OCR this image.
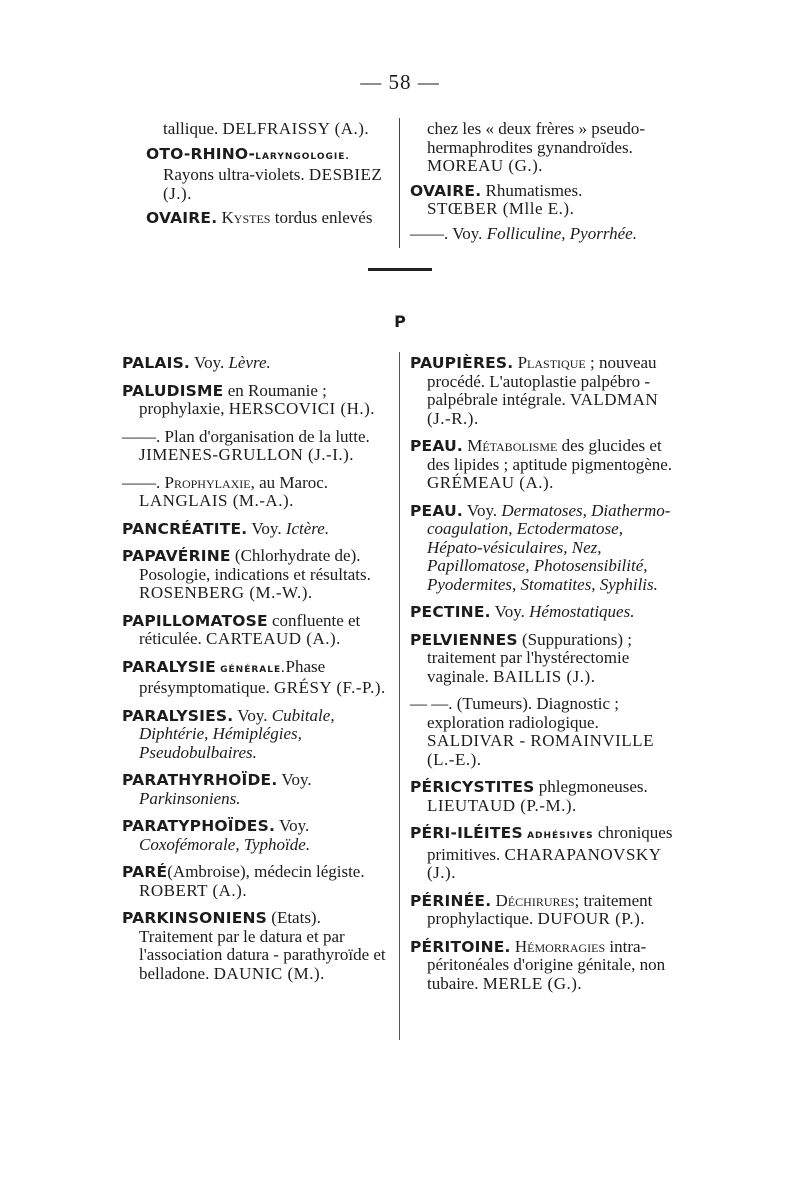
— 58 —
tallique. DELFRAISSY (A.).
OTO-RHINO-LARYNGOLOGIE. Rayons ultra-violets. DESBIEZ (J.).
OVAIRE. Kystes tordus enlevés
chez les « deux frères » pseudo-hermaphrodites gynandroïdes. MOREAU (G.).
OVAIRE. Rhumatismes. STŒBER (Mlle E.).
——. Voy. Folliculine, Pyorrhée.
P
PALAIS. Voy. Lèvre.
PALUDISME en Roumanie ; prophylaxie, HERSCOVICI (H.).
——. Plan d'organisation de la lutte. JIMENES-GRULLON (J.-I.).
——. Prophylaxie, au Maroc. LANGLAIS (M.-A.).
PANCRÉATITE. Voy. Ictère.
PAPAVÉRINE (Chlorhydrate de). Posologie, indications et résultats. ROSENBERG (M.-W.).
PAPILLOMATOSE confluente et réticulée. CARTEAUD (A.).
PARALYSIE GÉNÉRALE.Phase présymptomatique. GRÉSY (F.-P.).
PARALYSIES. Voy. Cubitale, Diphtérie, Hémiplégies, Pseudobulbaires.
PARATHYRHOÏDE. Voy. Parkinsoniens.
PARATYPHOÏDES. Voy. Coxofémorale, Typhoïde.
PARÉ(Ambroise), médecin légiste. ROBERT (A.).
PARKINSONIENS (Etats). Traitement par le datura et par l'association datura - parathyroïde et belladone. DAUNIC (M.).
PAUPIÈRES. Plastique ; nouveau procédé. L'autoplastie palpébro - palpébrale intégrale. VALDMAN (J.-R.).
PEAU. Métabolisme des glucides et des lipides ; aptitude pigmentogène. GRÉMEAU (A.).
PEAU. Voy. Dermatoses, Diathermo-coagulation, Ectodermatose, Hépato-vésiculaires, Nez, Papillomatose, Photosensibilité, Pyodermites, Stomatites, Syphilis.
PECTINE. Voy. Hémostatiques.
PELVIENNES (Suppurations) ; traitement par l'hystérectomie vaginale. BAILLIS (J.).
— —. (Tumeurs). Diagnostic ; exploration radiologique. SALDIVAR - ROMAINVILLE (L.-E.).
PÉRICYSTITES phlegmoneuses. LIEUTAUD (P.-M.).
PÉRI-ILÉITES ADHÉSIVES chroniques primitives. CHARAPANOVSKY (J.).
PÉRINÉE. Déchirures; traitement prophylactique. DUFOUR (P.).
PÉRITOINE. Hémorragies intra-péritonéales d'origine génitale, non tubaire. MERLE (G.).
